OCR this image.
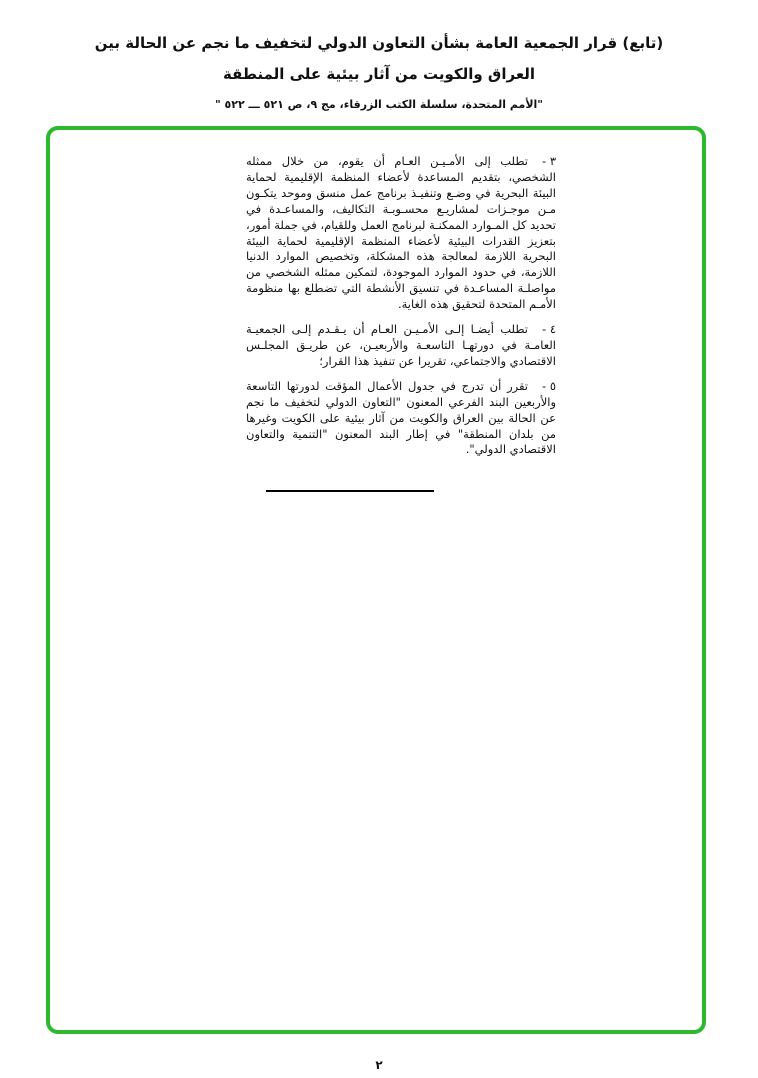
(تابع) قرار الجمعية العامة بشأن التعاون الدولي لتخفيف ما نجم عن الحالة بين
العراق والكويت من آثار بيئية على المنطقة
"الأمم المتحدة، سلسلة الكتب الزرقاء، مج ٩، ص ٥٢١ ـــ ٥٢٢ "
٣ -تطلب إلى الأمـيـن العـام أن يقوم، من خلال ممثله الشخصي، بتقديم المساعدة لأعضاء المنظمة الإقليمية لحماية البيئة البحرية في وضـع وتنفيـذ برنامج عمل منسق وموحد يتكـون مـن موجـزات لمشاريـع محسـوبـة التكاليف، والمساعـدة في تحديد كل المـوارد الممكنـة لبرنامج العمل وللقيام، في جملة أمور، بتعزيز القدرات البيئية لأعضاء المنظمة الإقليمية لحماية البيئة البحرية اللازمة لمعالجة هذه المشكلة، وتخصيص الموارد الدنيا اللازمة، في حدود الموارد الموجودة، لتمكين ممثله الشخصي من مواصلـة المساعـدة في تنسيق الأنشطة التي تضطلع بها منظومة الأمـم المتحدة لتحقيق هذه الغاية.
٤ -تطلب أيضـا إلـى الأمـيـن العـام أن يـقـدم إلـى الجمعيـة العامـة في دورتهـا التاسعـة والأربعيـن، عن طريـق المجلـس الاقتصادي والاجتماعي، تقريرا عن تنفيذ هذا القرار؛
٥ -تقرر أن تدرج في جدول الأعمال المؤقت لدورتها التاسعة والأربعين البند الفرعي المعنون "التعاون الدولي لتخفيف ما نجم عن الحالة بين العراق والكويت من آثار بيئية على الكويت وغيرها من بلدان المنطقة" في إطار البند المعنون "التنمية والتعاون الاقتصادي الدولي".
٢
